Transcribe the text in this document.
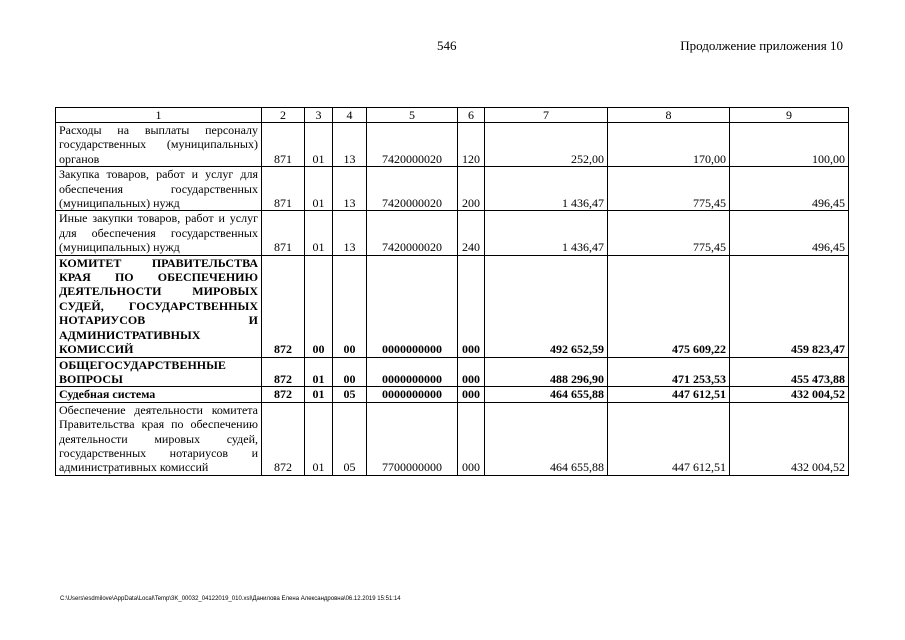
546	Продолжение приложения 10
1	2	3	4	5	6	7	8	9
Расходы на выплаты персоналу государственных (муниципальных) органов	871	01	13	7420000020	120	252,00	170,00	100,00
Закупка товаров, работ и услуг для обеспечения государственных (муниципальных) нужд	871	01	13	7420000020	200	1 436,47	775,45	496,45
Иные закупки товаров, работ и услуг для обеспечения государственных (муниципальных) нужд	871	01	13	7420000020	240	1 436,47	775,45	496,45
КОМИТЕТ ПРАВИТЕЛЬСТВА КРАЯ ПО ОБЕСПЕЧЕНИЮ ДЕЯТЕЛЬНОСТИ МИРОВЫХ СУДЕЙ, ГОСУДАРСТВЕННЫХ НОТАРИУСОВ И АДМИНИСТРАТИВНЫХ КОМИССИЙ	872	00	00	0000000000	000	492 652,59	475 609,22	459 823,47
ОБЩЕГОСУДАРСТВЕННЫЕ ВОПРОСЫ	872	01	00	0000000000	000	488 296,90	471 253,53	455 473,88
Судебная система	872	01	05	0000000000	000	464 655,88	447 612,51	432 004,52
Обеспечение деятельности комитета Правительства края по обеспечению деятельности мировых судей, государственных нотариусов и административных комиссий	872	01	05	7700000000	000	464 655,88	447 612,51	432 004,52
C:\Users\esdmilove\AppData\Local\Temp\3K_00032_04122019_010.xsl\Данилова Елена Александровна\06.12.2019 15:51:14
